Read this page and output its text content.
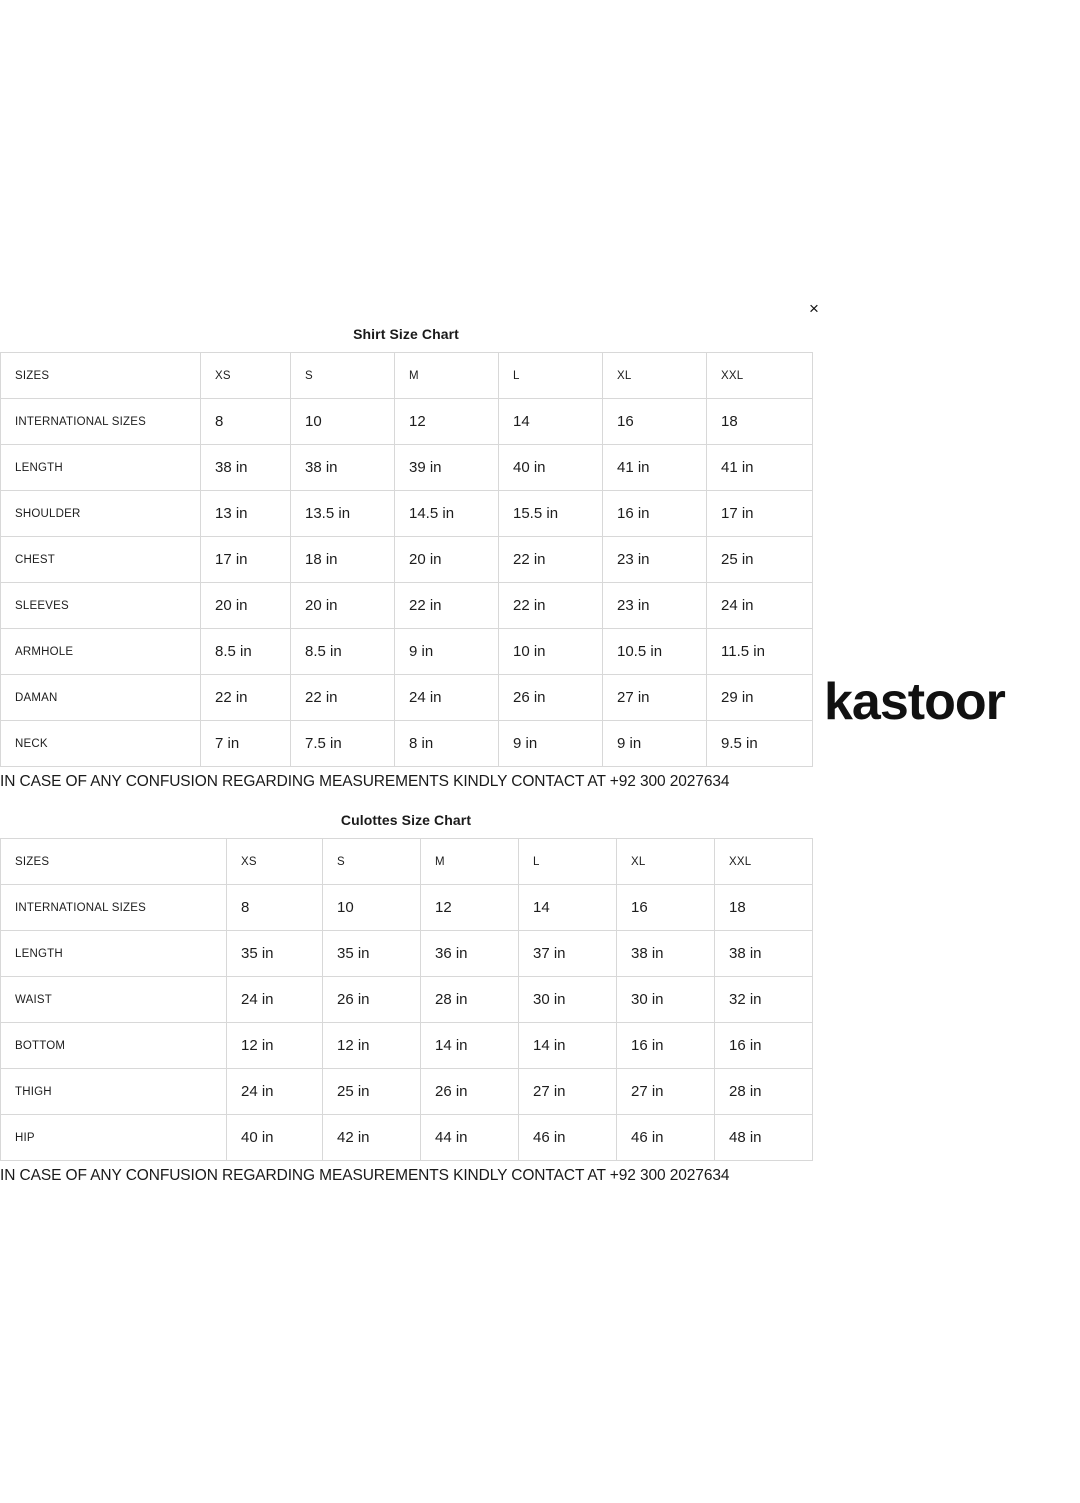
×
Shirt Size Chart
SIZES	XS	S	M	L	XL	XXL
INTERNATIONAL SIZES	8	10	12	14	16	18
LENGTH	38 in	38 in	39 in	40 in	41 in	41 in
SHOULDER	13 in	13.5 in	14.5 in	15.5 in	16 in	17 in
CHEST	17 in	18 in	20 in	22 in	23 in	25 in
SLEEVES	20 in	20 in	22 in	22 in	23 in	24 in
ARMHOLE	8.5 in	8.5 in	9 in	10 in	10.5 in	11.5 in
DAMAN	22 in	22 in	24 in	26 in	27 in	29 in
NECK	7 in	7.5 in	8 in	9 in	9 in	9.5 in
IN CASE OF ANY CONFUSION REGARDING MEASUREMENTS KINDLY CONTACT AT +92 300 2027634
Culottes Size Chart
SIZES	XS	S	M	L	XL	XXL
INTERNATIONAL SIZES	8	10	12	14	16	18
LENGTH	35 in	35 in	36 in	37 in	38 in	38 in
WAIST	24 in	26 in	28 in	30 in	30 in	32 in
BOTTOM	12 in	12 in	14 in	14 in	16 in	16 in
THIGH	24 in	25 in	26 in	27 in	27 in	28 in
HIP	40 in	42 in	44 in	46 in	46 in	48 in
IN CASE OF ANY CONFUSION REGARDING MEASUREMENTS KINDLY CONTACT AT +92 300 2027634
kastoor
